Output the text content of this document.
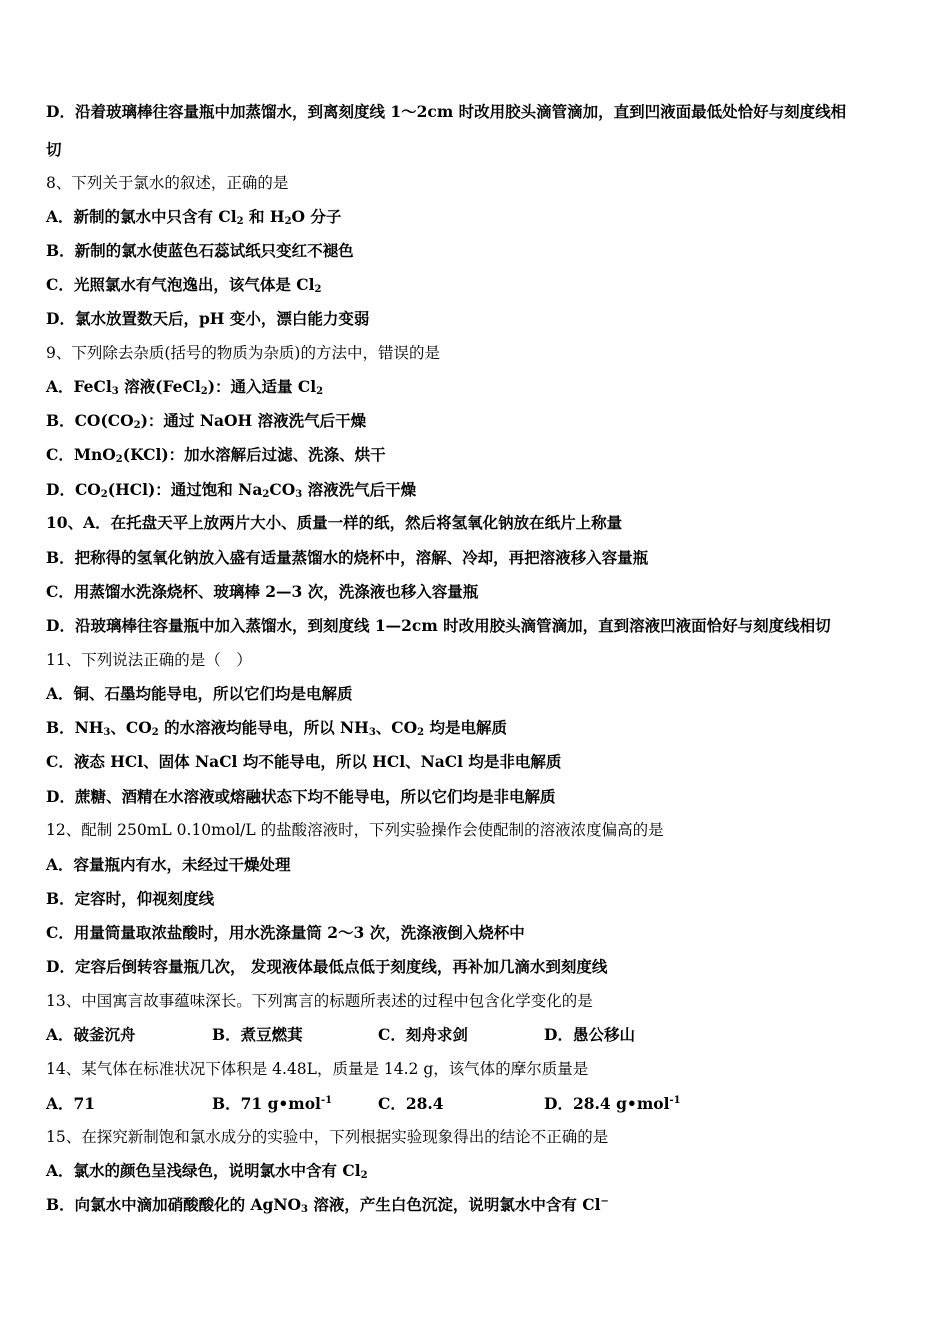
D．沿着玻璃棒往容量瓶中加蒸馏水，到离刻度线 1～2cm 时改用胶头滴管滴加，直到凹液面最低处恰好与刻度线相
切
8、下列关于氯水的叙述，正确的是
A．新制的氯水中只含有 $Cl_2$ 和 $H_2O$ 分子
B．新制的氯水使蓝色石蕊试纸只变红不褪色
C．光照氯水有气泡逸出，该气体是 $Cl_2$
D．氯水放置数天后，pH 变小，漂白能力变弱
9、下列除去杂质(括号的物质为杂质)的方法中，错误的是
A．FeCl$_3$ 溶液(FeCl$_2$)：通入适量 $Cl_2$
B．$CO(CO_2)$：通过 NaOH 溶液洗气后干燥
C．MnO$_2$(KCl)：加水溶解后过滤、洗涤、烘干
D．$CO_2(HCl)$：通过饱和 $Na_2CO_3$ 溶液洗气后干燥
10、A．在托盘天平上放两片大小、质量一样的纸，然后将氢氧化钠放在纸片上称量
B．把称得的氢氧化钠放入盛有适量蒸馏水的烧杯中，溶解、冷却，再把溶液移入容量瓶
C．用蒸馏水洗涤烧杯、玻璃棒 2—3 次，洗涤液也移入容量瓶
D．沿玻璃棒往容量瓶中加入蒸馏水，到刻度线 1—2cm 时改用胶头滴管滴加，直到溶液凹液面恰好与刻度线相切
11、下列说法正确的是（　）
A．铜、石墨均能导电，所以它们均是电解质
B．$NH_3$、$CO_2$ 的水溶液均能导电，所以 $NH_3$、$CO_2$ 均是电解质
C．液态 HCl、固体 NaCl 均不能导电，所以 HCl、NaCl 均是非电解质
D．蔗糖、酒精在水溶液或熔融状态下均不能导电，所以它们均是非电解质
12、配制 250mL 0.10mol/L 的盐酸溶液时，下列实验操作会使配制的溶液浓度偏高的是
A．容量瓶内有水，未经过干燥处理
B．定容时，仰视刻度线
C．用量筒量取浓盐酸时，用水洗涤量筒 2～3 次，洗涤液倒入烧杯中
D．定容后倒转容量瓶几次， 发现液体最低点低于刻度线，再补加几滴水到刻度线
13、中国寓言故事蕴味深长。下列寓言的标题所表述的过程中包含化学变化的是
A．破釜沉舟	B．煮豆燃萁	C．刻舟求剑	D．愚公移山
14、某气体在标准状况下体积是 4.48L，质量是 14.2 g，该气体的摩尔质量是
A．71	B．71 g•mol$^{-1}$	C．28.4	D．28.4 g•mol$^{-1}$
15、在探究新制饱和氯水成分的实验中，下列根据实验现象得出的结论不正确的是
A．氯水的颜色呈浅绿色，说明氯水中含有 $Cl_2$
B．向氯水中滴加硝酸酸化的 AgNO$_3$ 溶液，产生白色沉淀，说明氯水中含有 Cl−
